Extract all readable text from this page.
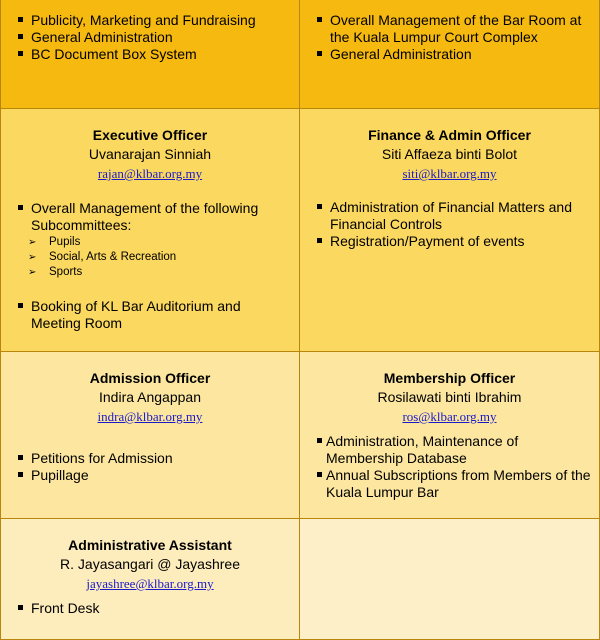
Publicity, Marketing and Fundraising
General Administration
BC Document Box System
Overall Management of the Bar Room at the Kuala Lumpur Court Complex
General Administration
Executive Officer
Uvanarajan Sinniah
rajan@klbar.org.my
Overall Management of the following Subcommittees:
➢ Pupils
➢ Social, Arts & Recreation
➢ Sports
Booking of KL Bar Auditorium and Meeting Room
Finance & Admin Officer
Siti Affaeza binti Bolot
siti@klbar.org.my
Administration of Financial Matters and Financial Controls
Registration/Payment of events
Admission Officer
Indira Angappan
indra@klbar.org.my
Petitions for Admission
Pupillage
Membership Officer
Rosilawati binti Ibrahim
ros@klbar.org.my
Administration, Maintenance of Membership Database
Annual Subscriptions from Members of the Kuala Lumpur Bar
Administrative Assistant
R. Jayasangari @ Jayashree
jayashree@klbar.org.my
Front Desk
